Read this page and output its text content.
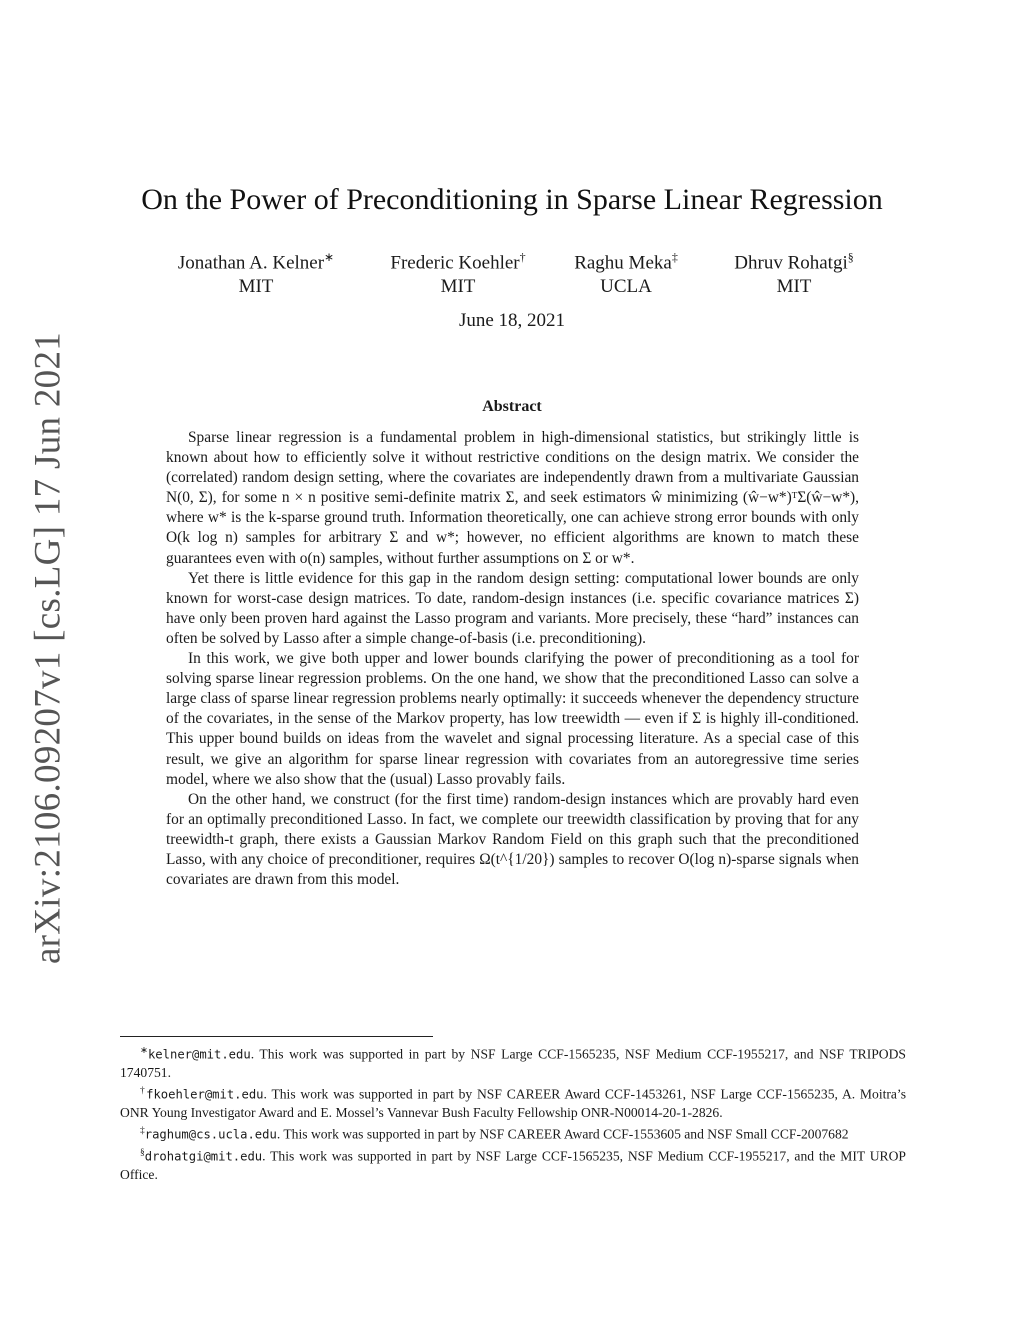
arXiv:2106.09207v1 [cs.LG] 17 Jun 2021
On the Power of Preconditioning in Sparse Linear Regression
Jonathan A. Kelner∗
MIT
Frederic Koehler†
MIT
Raghu Meka‡
UCLA
Dhruv Rohatgi§
MIT
June 18, 2021
Abstract

Sparse linear regression is a fundamental problem in high-dimensional statistics, but strikingly little is known about how to efficiently solve it without restrictive conditions on the design matrix. We consider the (correlated) random design setting, where the covariates are independently drawn from a multivariate Gaussian N(0, Σ), for some n × n positive semi-definite matrix Σ, and seek estimators ŵ minimizing (ŵ−w*)ᵀΣ(ŵ−w*), where w* is the k-sparse ground truth. Information theoretically, one can achieve strong error bounds with only O(k log n) samples for arbitrary Σ and w*; however, no efficient algorithms are known to match these guarantees even with o(n) samples, without further assumptions on Σ or w*.

Yet there is little evidence for this gap in the random design setting: computational lower bounds are only known for worst-case design matrices. To date, random-design instances (i.e. specific covariance matrices Σ) have only been proven hard against the Lasso program and variants. More precisely, these “hard” instances can often be solved by Lasso after a simple change-of-basis (i.e. preconditioning).

In this work, we give both upper and lower bounds clarifying the power of preconditioning as a tool for solving sparse linear regression problems. On the one hand, we show that the preconditioned Lasso can solve a large class of sparse linear regression problems nearly optimally: it succeeds whenever the dependency structure of the covariates, in the sense of the Markov property, has low treewidth — even if Σ is highly ill-conditioned. This upper bound builds on ideas from the wavelet and signal processing literature. As a special case of this result, we give an algorithm for sparse linear regression with covariates from an autoregressive time series model, where we also show that the (usual) Lasso provably fails.

On the other hand, we construct (for the first time) random-design instances which are provably hard even for an optimally preconditioned Lasso. In fact, we complete our treewidth classification by proving that for any treewidth-t graph, there exists a Gaussian Markov Random Field on this graph such that the preconditioned Lasso, with any choice of preconditioner, requires Ω(t^{1/20}) samples to recover O(log n)-sparse signals when covariates are drawn from this model.

∗kelner@mit.edu. This work was supported in part by NSF Large CCF-1565235, NSF Medium CCF-1955217, and NSF TRIPODS 1740751.

†fkoehler@mit.edu. This work was supported in part by NSF CAREER Award CCF-1453261, NSF Large CCF-1565235, A. Moitra’s ONR Young Investigator Award and E. Mossel’s Vannevar Bush Faculty Fellowship ONR-N00014-20-1-2826.

‡raghum@cs.ucla.edu. This work was supported in part by NSF CAREER Award CCF-1553605 and NSF Small CCF-2007682

§drohatgi@mit.edu. This work was supported in part by NSF Large CCF-1565235, NSF Medium CCF-1955217, and the MIT UROP Office.
